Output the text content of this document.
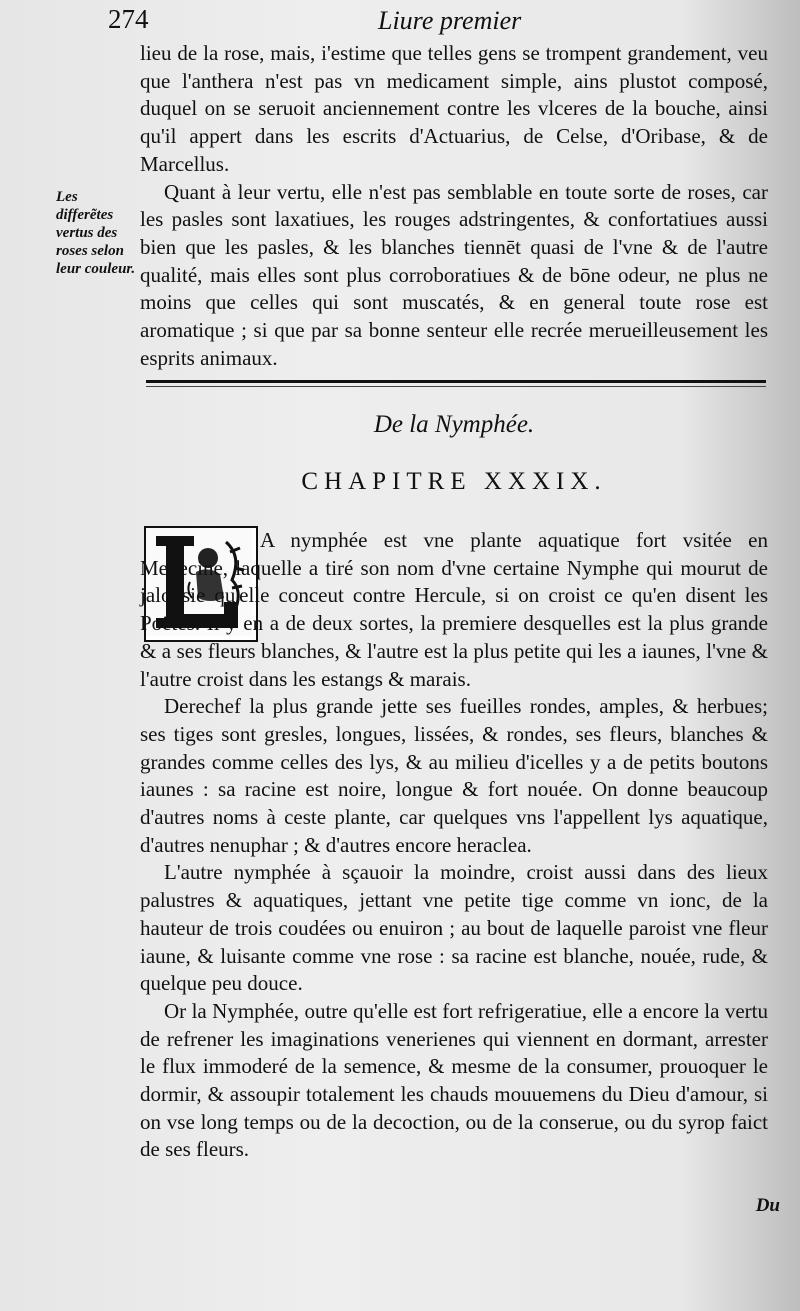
274	Liure premier

lieu de la rose, mais, i'estime que telles gens se trompent grandement, veu que l'anthera n'est pas vn medicament simple, ains plustot composé, duquel on se seruoit anciennement contre les vlceres de la bouche, ainsi qu'il appert dans les escrits d'Actuarius, de Celse, d'Oribase, & de Marcellus.

Quant à leur vertu, elle n'est pas semblable en toute sorte de roses, car les pasles sont laxatiues, les rouges adstringentes, & confortatiues aussi bien que les pasles, & les blanches tiennēt quasi de l'vne & de l'autre qualité, mais elles sont plus corroboratiues & de bōne odeur, ne plus ne moins que celles qui sont muscatés, & en general toute rose est aromatique ; si que par sa bonne senteur elle recrée merueilleusement les esprits animaux.

Les differẽtes vertus des roses selon leur couleur.
De la Nymphée.
CHAPITRE XXXIX.

A nymphée est vne plante aquatique fort vsitée en Medecine, laquelle a tiré son nom d'vne certaine Nymphe qui mourut de jalousie qu'elle conceut contre Hercule, si on croist ce qu'en disent les Poëtes. Il y en a de deux sortes, la premiere desquelles est la plus grande & a ses fleurs blanches, & l'autre est la plus petite qui les a iaunes, l'vne & l'autre croist dans les estangs & marais.

Derechef la plus grande jette ses fueilles rondes, amples, & herbues; ses tiges sont gresles, longues, lissées, & rondes, ses fleurs, blanches & grandes comme celles des lys, & au milieu d'icelles y a de petits boutons iaunes : sa racine est noire, longue & fort nouée. On donne beaucoup d'autres noms à ceste plante, car quelques vns l'appellent lys aquatique, d'autres nenuphar ; & d'autres encore heraclea.

L'autre nymphée à sçauoir la moindre, croist aussi dans des lieux palustres & aquatiques, jettant vne petite tige comme vn ionc, de la hauteur de trois coudées ou enuiron ; au bout de laquelle paroist vne fleur iaune, & luisante comme vne rose : sa racine est blanche, nouée, rude, & quelque peu douce.

Or la Nymphée, outre qu'elle est fort refrigeratiue, elle a encore la vertu de refrener les imaginations venerienes qui viennent en dormant, arrester le flux immoderé de la semence, & mesme de la consumer, prouoquer le dormir, & assoupir totalement les chauds mouuemens du Dieu d'amour, si on vse long temps ou de la decoction, ou de la conserue, ou du syrop faict de ses fleurs.

Du
